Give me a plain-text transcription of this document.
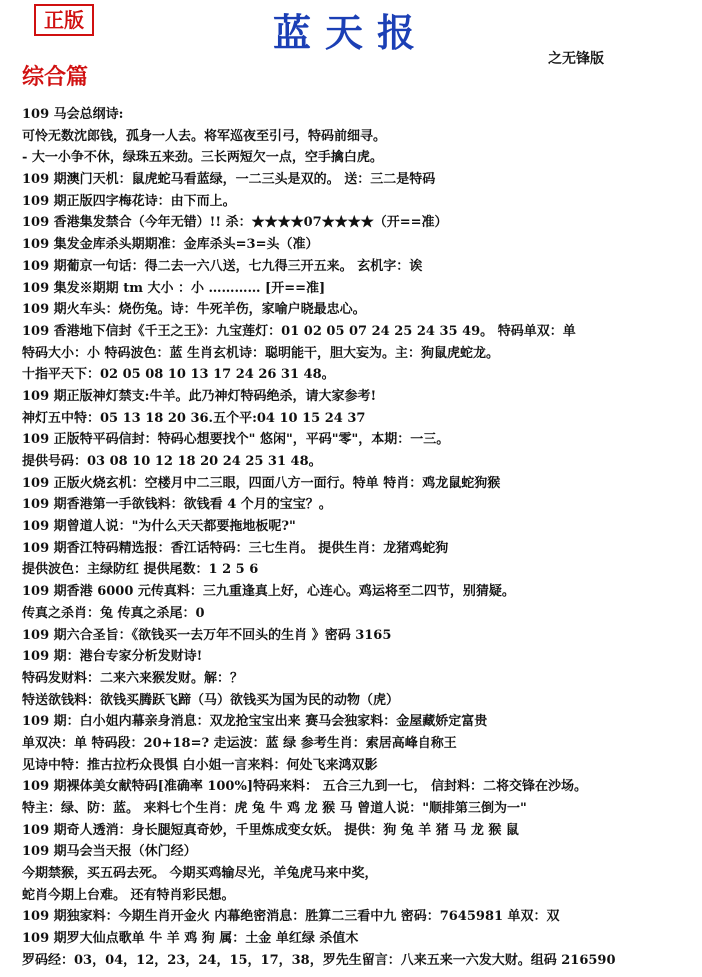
正版	蓝天报
之无锋版
综合篇
109 马会总纲诗:
可怜无数沈郎钱，孤身一人去。将军巡夜至引弓，特码前细寻。
- 大一小争不休，绿珠五来劲。三长两短欠一点，空手擒白虎。
109 期澳门天机：鼠虎蛇马看蓝绿，一二三头是双的。 送：三二是特码
109 期正版四字梅花诗：由下而上。
109 香港集发禁合（今年无错）!! 杀：★★★★07★★★★（开==准）
109 集发金库杀头期期准：金库杀头=3=头（准）
109 期葡京一句话：得二去一六八送，七九得三开五来。 玄机字：诶
109 集发※期期 tm 大小 ：小 ………… [开==准]
109 期火车头：烧伤兔。诗：牛死羊伤，家喻户晓最忠心。
109 香港地下信封《千王之王》：九宝莲灯：01 02 05 07 24 25 24 35 49。 特码单双：单
特码大小：小 特码波色：蓝 生肖玄机诗：聪明能干，胆大妄为。主：狗鼠虎蛇龙。
十指平天下：02 05 08 10 13 17 24 26 31 48。
109 期正版神灯禁支:牛羊。此乃神灯特码绝杀，请大家参考!
神灯五中特：05 13 18 20 36.五个平:04 10 15 24 37
109 正版特平码信封：特码心想要找个" 悠闲"，平码"零"，本期：一三。
提供号码：03 08 10 12 18 20 24 25 31 48。
109 正版火烧玄机：空楼月中二三眼，四面八方一面行。特单 特肖：鸡龙鼠蛇狗猴
109 期香港第一手欲钱料：欲钱看 4 个月的宝宝？。
109 期曾道人说："为什么天天都要拖地板呢?"
109 期香江特码精选报：香江话特码：三七生肖。 提供生肖：龙猪鸡蛇狗
提供波色：主绿防红 提供尾数：1 2 5 6
109 期香港 6000 元传真料：三九重逢真上好，心连心。鸡运将至二四节，别猜疑。
传真之杀肖：兔 传真之杀尾：0
109 期六合圣旨：《欲钱买一去万年不回头的生肖 》密码 3165
109 期：港台专家分析发财诗!
特码发财料：二来六来猴发财。解：？
特送欲钱料：欲钱买腾跃飞蹄（马）欲钱买为国为民的动物（虎）
109 期：白小姐内幕亲身消息：双龙抢宝宝出来 赛马会独家料：金屋藏娇定富贵
单双决：单 特码段：20+18=? 走运波：蓝 绿 参考生肖：索居高峰自称王
见诗中特：推古拉朽众畏惧 白小姐一言来料：何处飞来鸿双影
109 期裸体美女献特码[准确率 100%]特码来料： 五合三九到一七， 信封料：二将交锋在沙场。
特主：绿、防：蓝。 来料七个生肖：虎 兔 牛 鸡 龙 猴 马 曾道人说："顺排第三倒为一"
109 期奇人透消：身长腿短真奇妙，千里炼成变女妖。 提供：狗 兔 羊 猪 马 龙 猴 鼠
109 期马会当天报（休门经）
今期禁猴，买五码去死。 今期买鸡输尽光，羊兔虎马来中奖，
蛇肖今期上台难。 还有特肖彩民想。
109 期独家料：今期生肖开金火 内幕绝密消息：胜算二三看中九 密码：7645981 单双：双
109 期罗大仙点歌单 牛 羊 鸡 狗 属：土金 单红绿 杀值木
罗码经：03，04，12，23，24，15，17，38，罗先生留言：八来五来一六发大财。组码 216590
